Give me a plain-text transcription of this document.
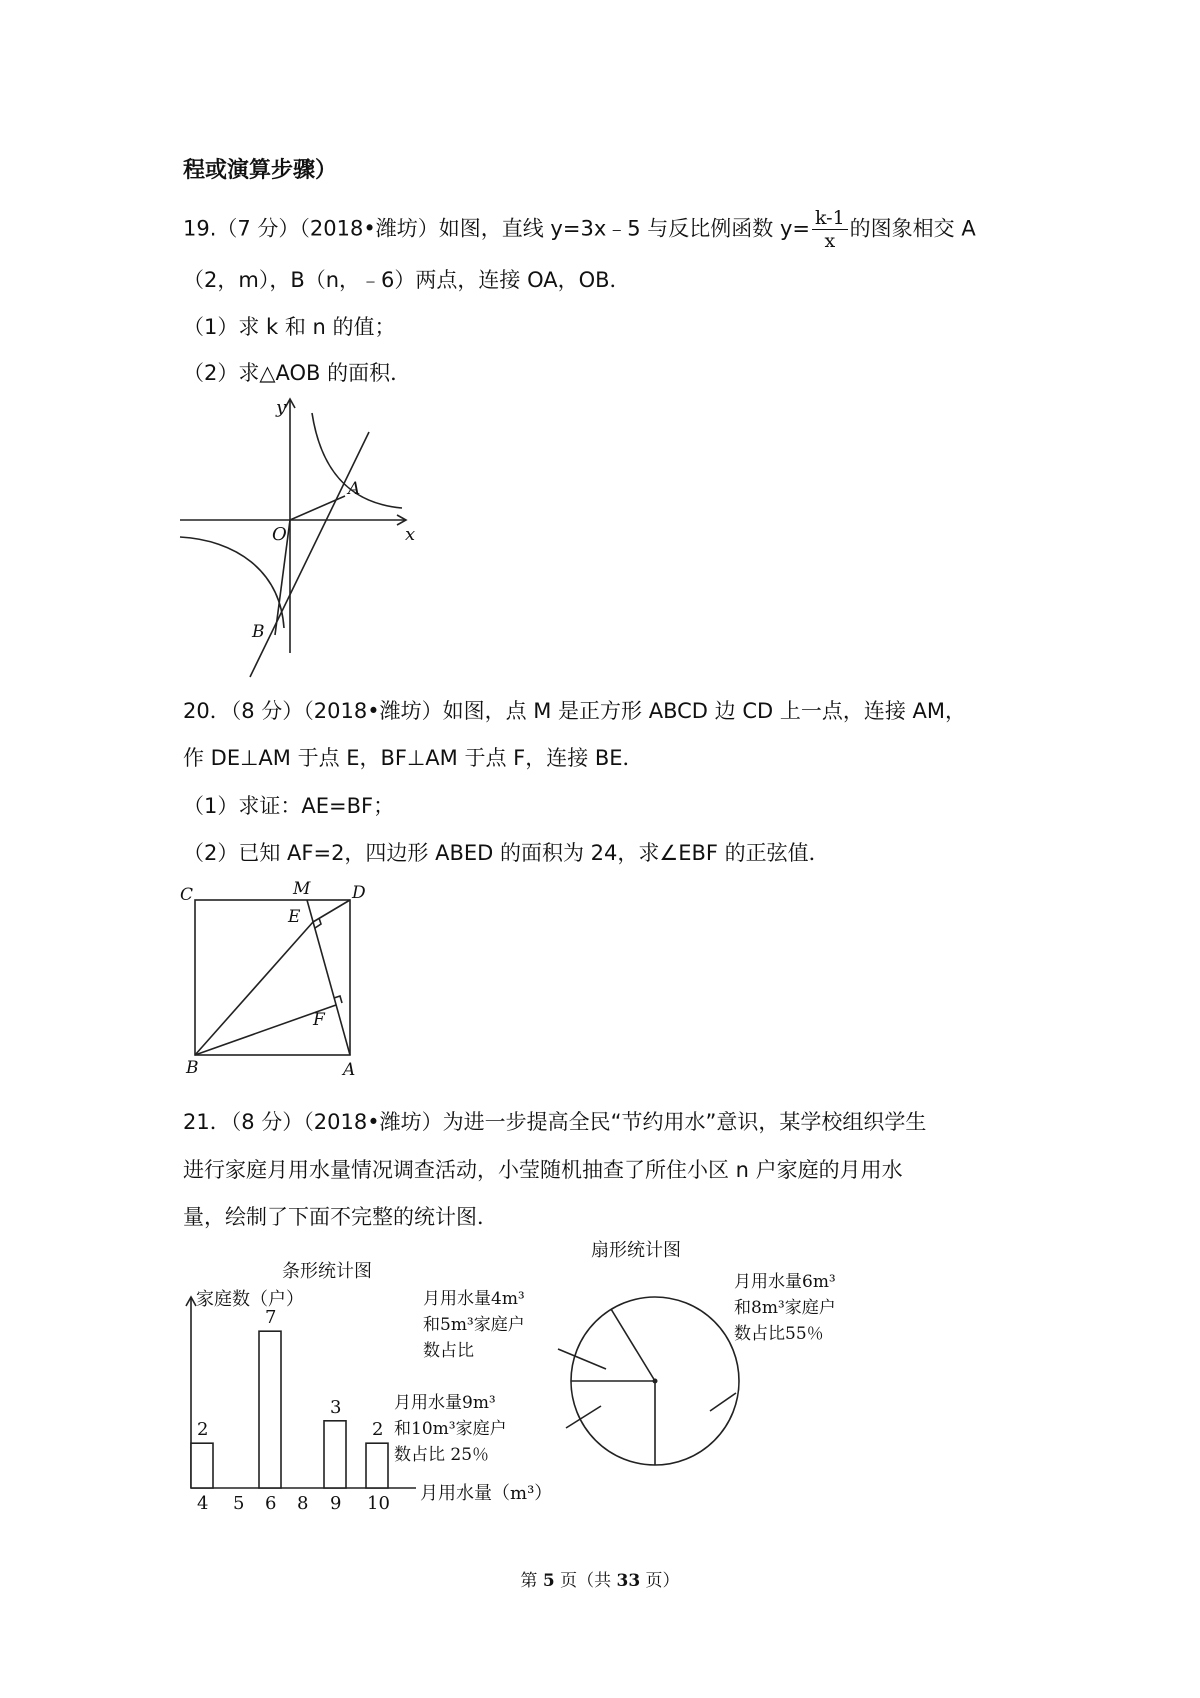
程或演算步骤）
19.（7 分）（2018•潍坊）如图，直线 y=3x﹣5 与反比例函数 $y= \frac{k-1}{x}$ 的图象相交 A
（2，m），B（n，﹣6）两点，连接 OA，OB．
（1）求 k 和 n 的值；
（2）求△AOB 的面积．
y
x
O
A
B
20．（8 分）（2018•潍坊）如图，点 M 是正方形 ABCD 边 CD 上一点，连接 AM，
作 DE⊥AM 于点 E，BF⊥AM 于点 F，连接 BE．
（1）求证：AE=BF；
（2）已知 AF=2，四边形 ABED 的面积为 24，求∠EBF 的正弦值．
C	M D
E
F
B	A
21．（8 分）（2018•潍坊）为进一步提高全民“节约用水”意识，某学校组织学生
进行家庭月用水量情况调查活动，小莹随机抽查了所住小区 n 户家庭的月用水
量，绘制了下面不完整的统计图．
条形统计图
家庭数（户）
月用水量（m³）
4 5 6 8 9 10
2
7
3
2
扇形统计图
月用水量4m³
和5m³家庭户
数占比
月用水量6m³
和8m³家庭户
数占比55％
月用水量9m³
和10m³家庭户
数占比 25％
第 5 页（共 33 页）
